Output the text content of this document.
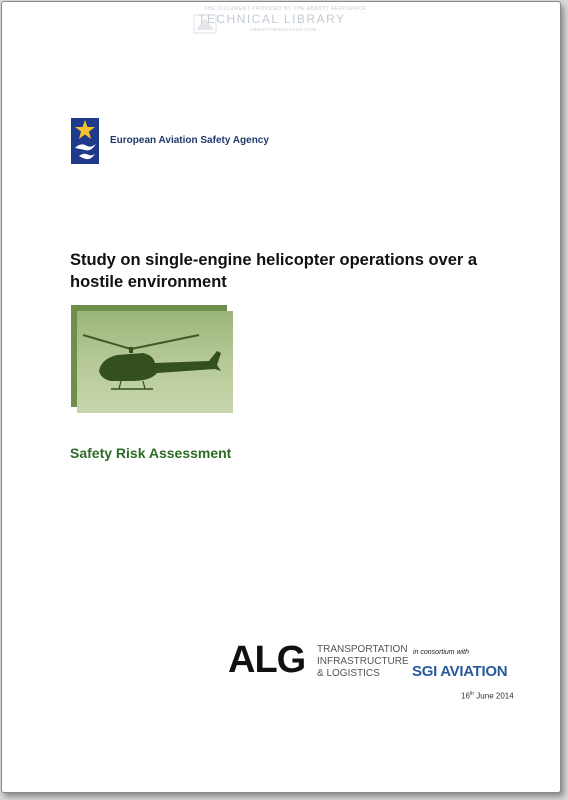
THE DOCUMENT PROVIDED BY THE ABBOTT AEROSPACE
TECHNICAL LIBRARY
ABBOTTAEROSPACE.COM
European Aviation Safety Agency
Study on single-engine helicopter operations over a hostile environment
Safety Risk Assessment
ALG TRANSPORTATION
INFRASTRUCTURE
& LOGISTICS
in consortium with
SGI AVIATION
16th June 2014
